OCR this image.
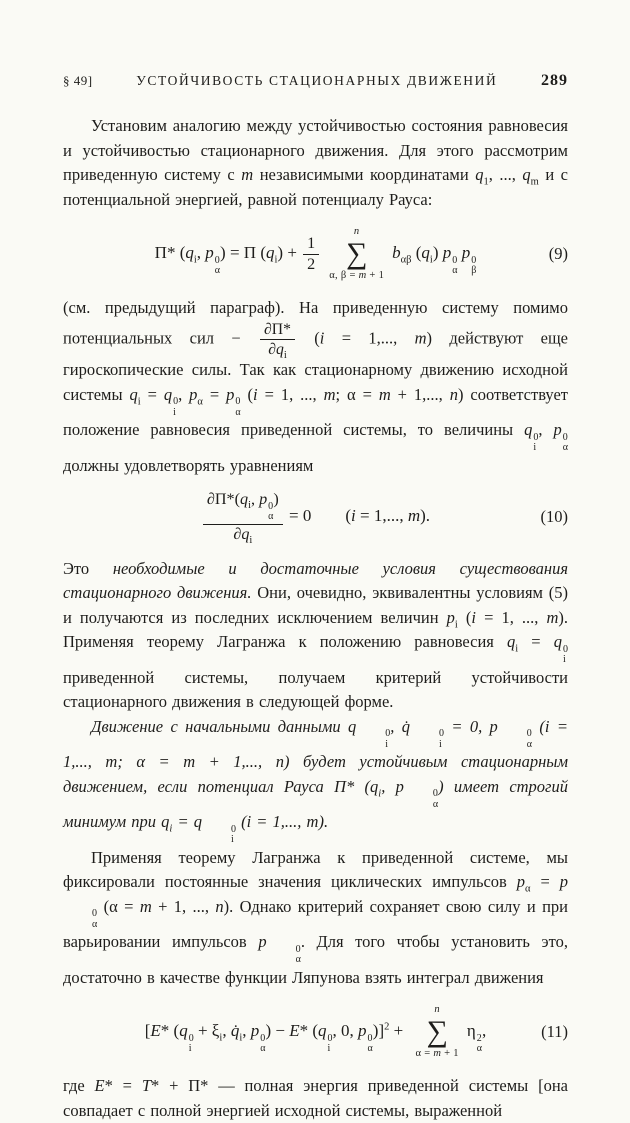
§ 49]	УСТОЙЧИВОСТЬ СТАЦИОНАРНЫХ ДВИЖЕНИЙ	289

Установим аналогию между устойчивостью состояния равновесия и устойчивостью стационарного движения. Для этого рассмотрим приведенную систему с m независимыми координатами $q_1$, ..., $q_m$ и с потенциальной энергией, равной потенциалу Рауса:

Π* ($q_i$, p 0
α
) = Π $(q_i) + \frac{1}{2}$
n
∑
α, β = m + 1
$b_{\alpha\beta}$ $(q_i)$ p 0
α
p 0
β
(9)

(см. предыдущий параграф). На приведенную систему помимо потенциальных сил − $\frac{\partial\Pi*}{\partial q_i} (i = 1$,..., m) действуют еще гироскопические силы. Так как стационарному движению исходной системы $q_i = q$ 0
i
, $p_\alpha = p$ 0
α
(i = 1, ..., m; α = m + 1,..., n) соответствует положение равновесия приведенной системы, то величины q 0
i
, p 0
α
должны удовлетворять уравнениям

$\partial\Pi*(q_i$, p 0
α
)
$\partial q_i = 0$  (i = 1,..., m).	(10)

Это необходимые и достаточные условия существования стационарного движения. Они, очевидно, эквивалентны условиям (5) и получаются из последних исключением величин $p_i$ (i = 1, ..., m). Применяя теорему Лагранжа к положению равновесия $q_i = q$ 0
i
приведенной системы, получаем критерий устойчивости стационарного движения в следующей форме.

Движение с начальными данными q	0
i
, q̇	0
i
= 0, p	0
α
(i = 1,..., m; α = m + 1,..., n) будет устойчивым стационарным движением, если потенциал Рауса Π* ($q_i$, p	0
α
) имеет строгий минимум при $q_i = q$	0
i
(i = 1,..., m).

Применяя теорему Лагранжа к приведенной системе, мы фиксировали постоянные значения циклических импульсов $p_\alpha = p$
0
α
(α = m + 1, ..., n). Однако критерий сохраняет свою силу и при варьировании импульсов p	0
α
. Для того чтобы установить это, достаточно в качестве функции Ляпунова взять интеграл движения

[E* (q 0
i
+ $\xi_i$, $q̇_i$, p 0
α
) − E* (q 0
i
, 0, p 0
α
)]$^2$ +
n
∑
α = m + 1
η 2
α
,	(11)

где E* = T* + Π* — полная энергия приведенной системы [она совпадает с полной энергией исходной системы, выраженной
